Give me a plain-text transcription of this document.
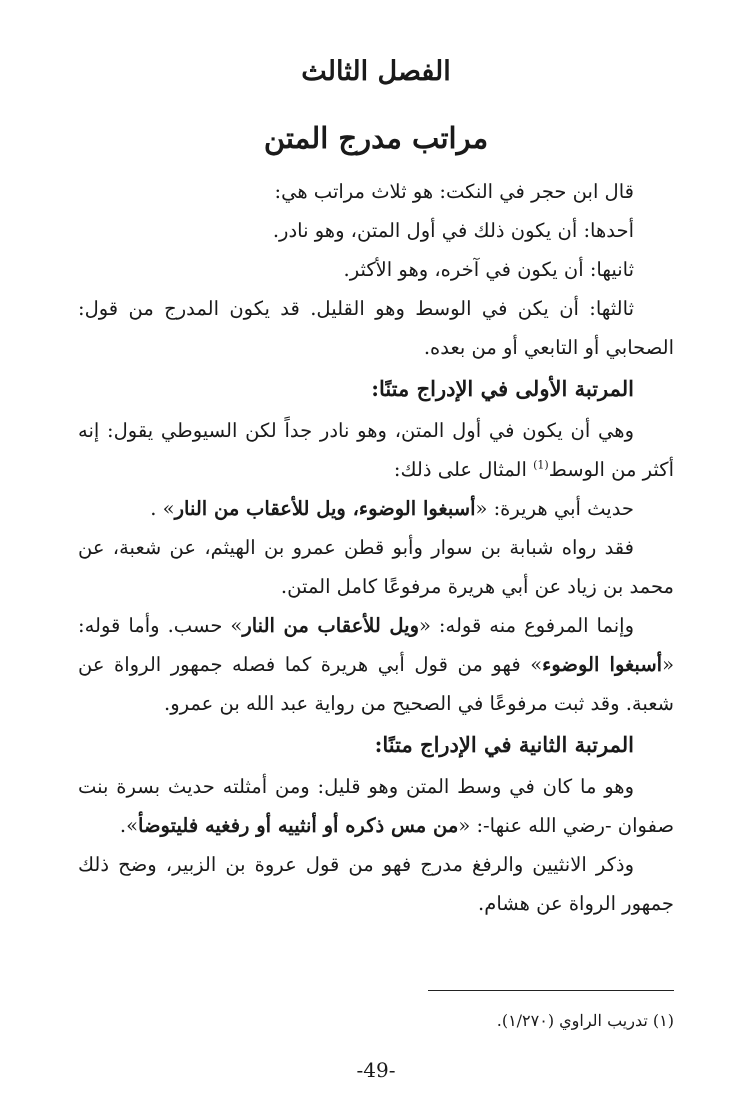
الفصل الثالث
مراتب مدرج المتن

قال ابن حجر في النكت: هو ثلاث مراتب هي:

أحدها: أن يكون ذلك في أول المتن، وهو نادر.

ثانيها: أن يكون في آخره، وهو الأكثر.

ثالثها: أن يكن في الوسط وهو القليل. قد يكون المدرج من قول: الصحابي أو التابعي أو من بعده.

المرتبة الأولى في الإدراج متنًا:

وهي أن يكون في أول المتن، وهو نادر جداً لكن السيوطي يقول: إنه أكثر من الوسط$^{(1)}$ المثال على ذلك:

حديث أبي هريرة: «أسبغوا الوضوء، ويل للأعقاب من النار» .

فقد رواه شبابة بن سوار وأبو قطن عمرو بن الهيثم، عن شعبة، عن محمد بن زياد عن أبي هريرة مرفوعًا كامل المتن.

وإنما المرفوع منه قوله: «ويل للأعقاب من النار» حسب. وأما قوله: «أسبغوا الوضوء» فهو من قول أبي هريرة كما فصله جمهور الرواة عن شعبة. وقد ثبت مرفوعًا في الصحيح من رواية عبد الله بن عمرو.

المرتبة الثانية في الإدراج متنًا:

وهو ما كان في وسط المتن وهو قليل: ومن أمثلته حديث بسرة بنت صفوان -رضي الله عنها-: «من مس ذكره أو أنثييه أو رفغيه فليتوضأ».

وذكر الانثيين والرفغ مدرج فهو من قول عروة بن الزبير، وضح ذلك جمهور الرواة عن هشام.

(١) تدريب الراوي (١/٢٧٠).
-49-
